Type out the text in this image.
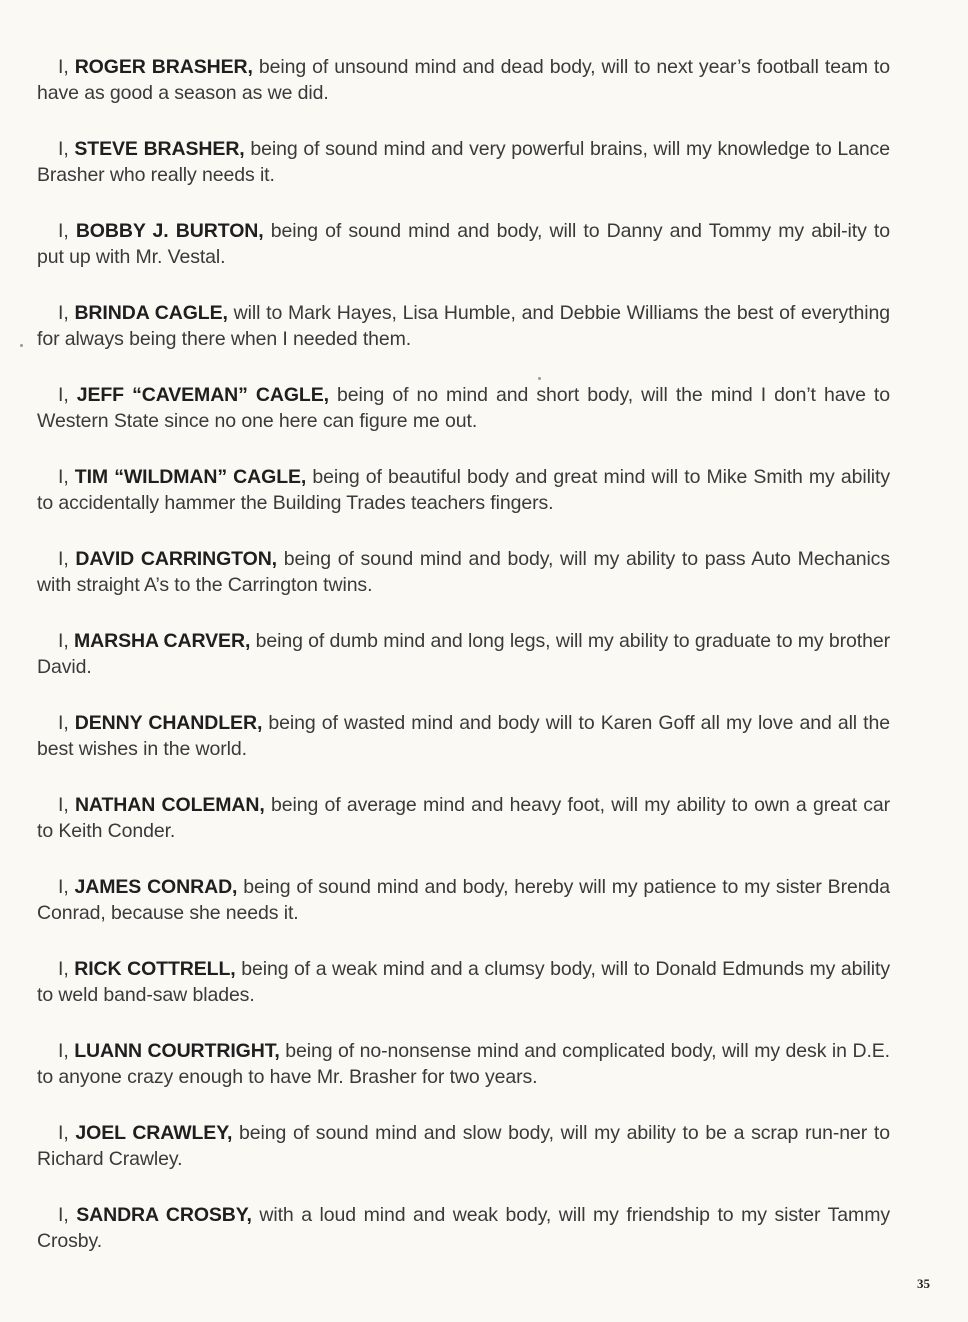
I, ROGER BRASHER, being of unsound mind and dead body, will to next year’s football team to have as good a season as we did.

I, STEVE BRASHER, being of sound mind and very powerful brains, will my knowledge to Lance Brasher who really needs it.

I, BOBBY J. BURTON, being of sound mind and body, will to Danny and Tommy my abil-ity to put up with Mr. Vestal.

I, BRINDA CAGLE, will to Mark Hayes, Lisa Humble, and Debbie Williams the best of everything for always being there when I needed them.

I, JEFF “CAVEMAN” CAGLE, being of no mind and short body, will the mind I don’t have to Western State since no one here can figure me out.

I, TIM “WILDMAN” CAGLE, being of beautiful body and great mind will to Mike Smith my ability to accidentally hammer the Building Trades teachers fingers.

I, DAVID CARRINGTON, being of sound mind and body, will my ability to pass Auto Mechanics with straight A’s to the Carrington twins.

I, MARSHA CARVER, being of dumb mind and long legs, will my ability to graduate to my brother David.

I, DENNY CHANDLER, being of wasted mind and body will to Karen Goff all my love and all the best wishes in the world.

I, NATHAN COLEMAN, being of average mind and heavy foot, will my ability to own a great car to Keith Conder.

I, JAMES CONRAD, being of sound mind and body, hereby will my patience to my sister Brenda Conrad, because she needs it.

I, RICK COTTRELL, being of a weak mind and a clumsy body, will to Donald Edmunds my ability to weld band-saw blades.

I, LUANN COURTRIGHT, being of no-nonsense mind and complicated body, will my desk in D.E. to anyone crazy enough to have Mr. Brasher for two years.

I, JOEL CRAWLEY, being of sound mind and slow body, will my ability to be a scrap run-ner to Richard Crawley.

I, SANDRA CROSBY, with a loud mind and weak body, will my friendship to my sister Tammy Crosby.

35
